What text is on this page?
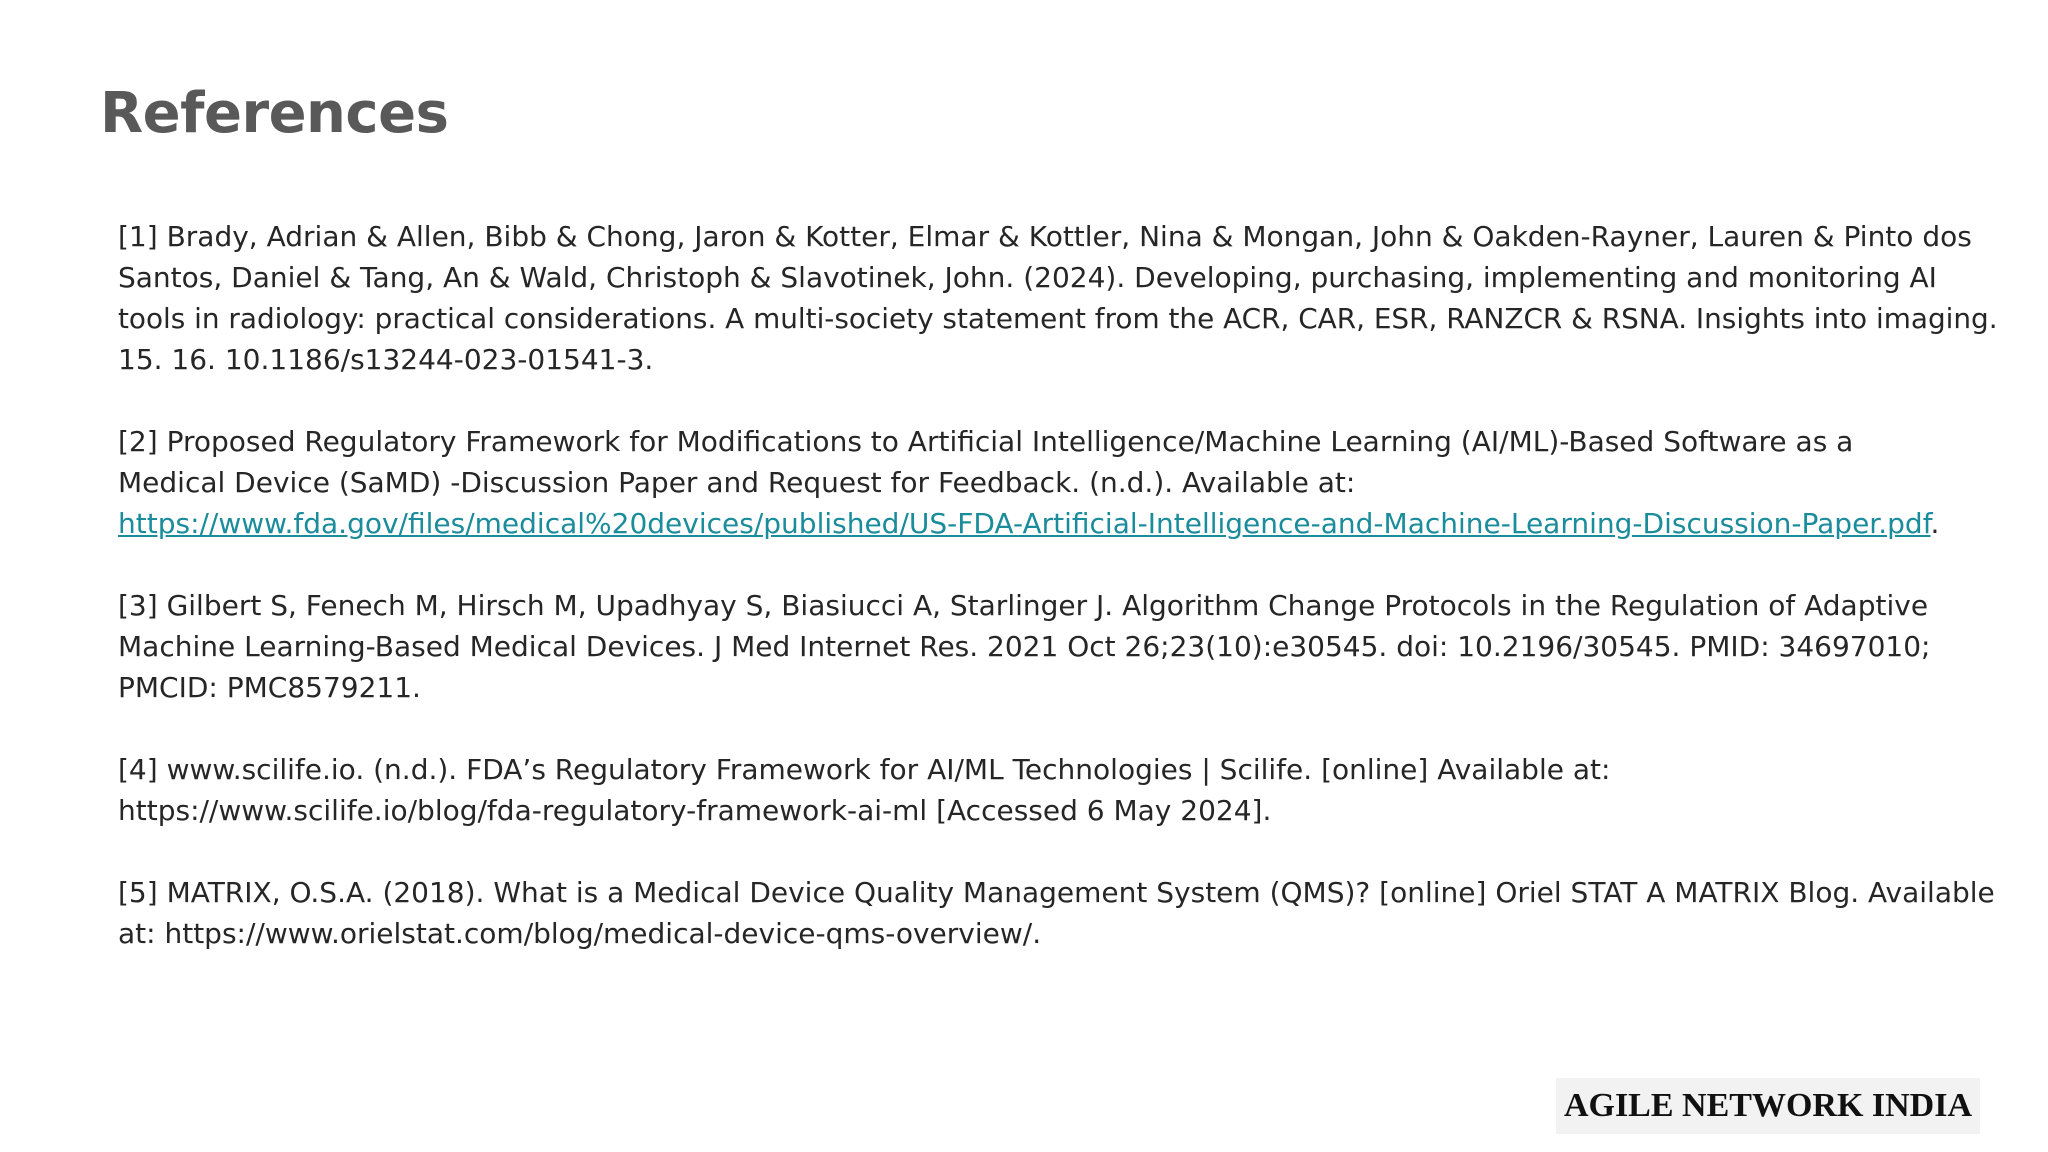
References

[1] Brady, Adrian & Allen, Bibb & Chong, Jaron & Kotter, Elmar & Kottler, Nina & Mongan, John & Oakden-Rayner, Lauren & Pinto dos
Santos, Daniel & Tang, An & Wald, Christoph & Slavotinek, John. (2024). Developing, purchasing, implementing and monitoring AI
tools in radiology: practical considerations. A multi-society statement from the ACR, CAR, ESR, RANZCR & RSNA. Insights into imaging.
15. 16. 10.1186/s13244-023-01541-3.

[2] Proposed Regulatory Framework for Modifications to Artificial Intelligence/Machine Learning (AI/ML)-Based Software as a
Medical Device (SaMD) -Discussion Paper and Request for Feedback. (n.d.). Available at:
https://www.fda.gov/files/medical%20devices/published/US-FDA-Artificial-Intelligence-and-Machine-Learning-Discussion-Paper.pdf.

[3] Gilbert S, Fenech M, Hirsch M, Upadhyay S, Biasiucci A, Starlinger J. Algorithm Change Protocols in the Regulation of Adaptive
Machine Learning-Based Medical Devices. J Med Internet Res. 2021 Oct 26;23(10):e30545. doi: 10.2196/30545. PMID: 34697010;
PMCID: PMC8579211.

[4] www.scilife.io. (n.d.). FDA’s Regulatory Framework for AI/ML Technologies | Scilife. [online] Available at:
https://www.scilife.io/blog/fda-regulatory-framework-ai-ml [Accessed 6 May 2024].

[5] MATRIX, O.S.A. (2018). What is a Medical Device Quality Management System (QMS)? [online] Oriel STAT A MATRIX Blog. Available
at: https://www.orielstat.com/blog/medical-device-qms-overview/.

AGILE NETWORK INDIA
